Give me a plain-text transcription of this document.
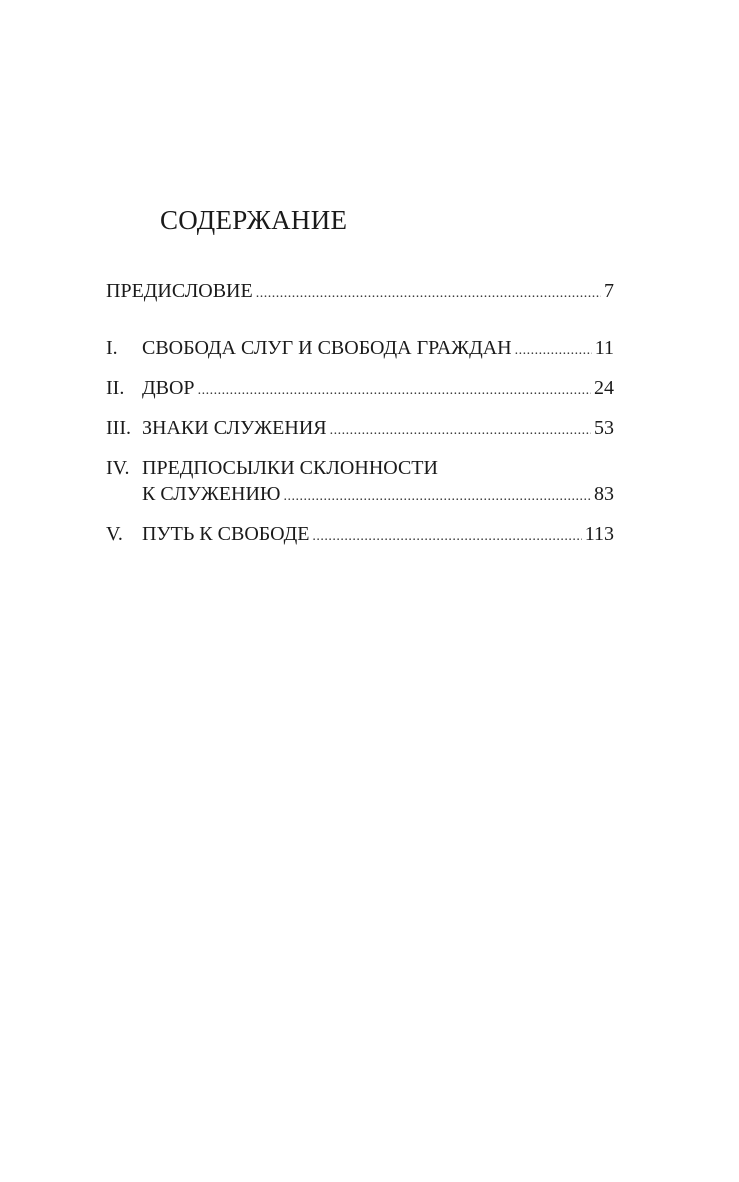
СОДЕРЖАНИЕ
ПРЕДИСЛОВИЕ .....	7
I.	СВОБОДА СЛУГ И СВОБОДА ГРАЖДАН .....	11
II. ДВОР .....	24
III. ЗНАКИ СЛУЖЕНИЯ .....	53
IV. ПРЕДПОСЫЛКИ СКЛОННОСТИ
К СЛУЖЕНИЮ .....	83
V. ПУТЬ К СВОБОДЕ .....	113
